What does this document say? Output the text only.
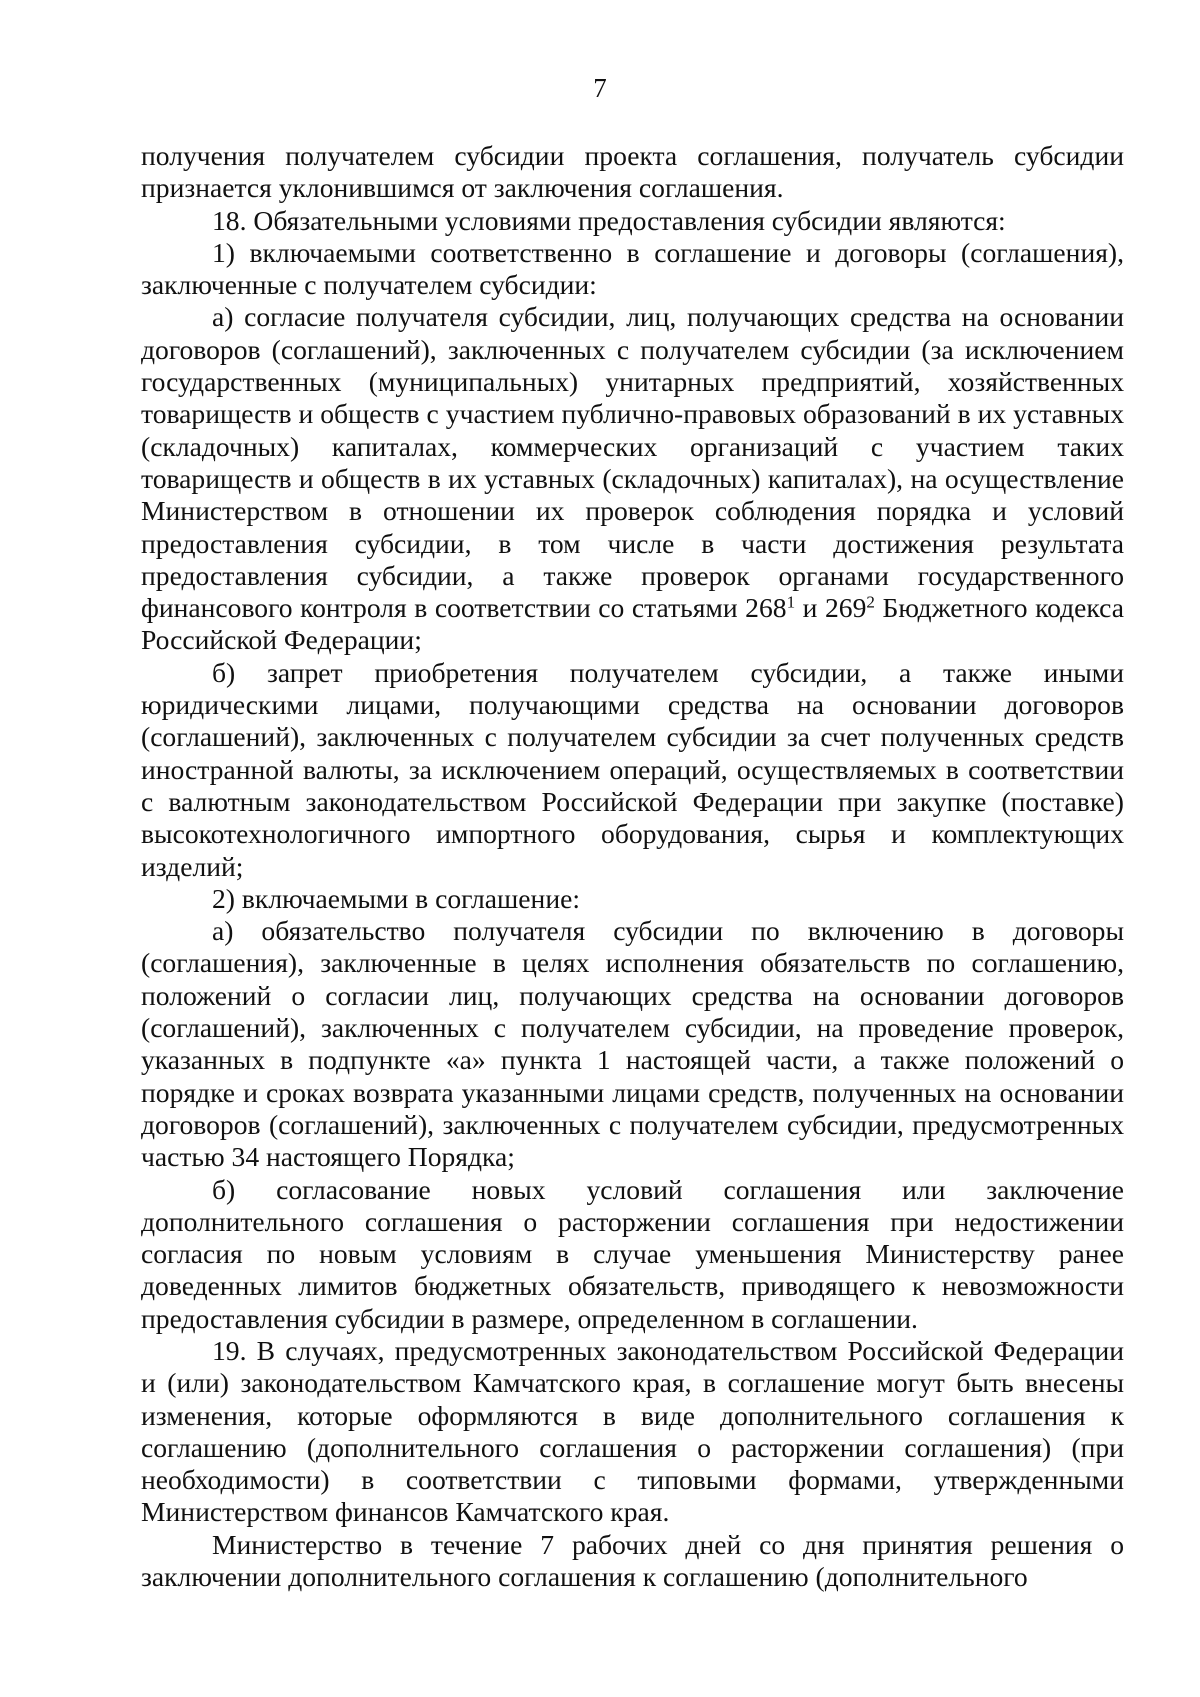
7

получения получателем субсидии проекта соглашения, получатель субсидии признается уклонившимся от заключения соглашения.

18. Обязательными условиями предоставления субсидии являются:

1) включаемыми соответственно в соглашение и договоры (соглашения), заключенные с получателем субсидии:

а) согласие получателя субсидии, лиц, получающих средства на основании договоров (соглашений), заключенных с получателем субсидии (за исключением государственных (муниципальных) унитарных предприятий, хозяйственных товариществ и обществ с участием публично-правовых образований в их уставных (складочных) капиталах, коммерческих организаций с участием таких товариществ и обществ в их уставных (складочных) капиталах), на осуществление Министерством в отношении их проверок соблюдения порядка и условий предоставления субсидии, в том числе в части достижения результата предоставления субсидии, а также проверок органами государственного финансового контроля в соответствии со статьями $268^1$ и $269^2$ Бюджетного кодекса Российской Федерации;

б) запрет приобретения получателем субсидии, а также иными юридическими лицами, получающими средства на основании договоров (соглашений), заключенных с получателем субсидии за счет полученных средств иностранной валюты, за исключением операций, осуществляемых в соответствии с валютным законодательством Российской Федерации при закупке (поставке) высокотехнологичного импортного оборудования, сырья и комплектующих изделий;

2) включаемыми в соглашение:

а) обязательство получателя субсидии по включению в договоры (соглашения), заключенные в целях исполнения обязательств по соглашению, положений о согласии лиц, получающих средства на основании договоров (соглашений), заключенных с получателем субсидии, на проведение проверок, указанных в подпункте «а» пункта 1 настоящей части, а также положений о порядке и сроках возврата указанными лицами средств, полученных на основании договоров (соглашений), заключенных с получателем субсидии, предусмотренных частью 34 настоящего Порядка;

б) согласование новых условий соглашения или заключение дополнительного соглашения о расторжении соглашения при недостижении согласия по новым условиям в случае уменьшения Министерству ранее доведенных лимитов бюджетных обязательств, приводящего к невозможности предоставления субсидии в размере, определенном в соглашении.

19. В случаях, предусмотренных законодательством Российской Федерации и (или) законодательством Камчатского края, в соглашение могут быть внесены изменения, которые оформляются в виде дополнительного соглашения к соглашению (дополнительного соглашения о расторжении соглашения) (при необходимости) в соответствии с типовыми формами, утвержденными Министерством финансов Камчатского края.

Министерство в течение 7 рабочих дней со дня принятия решения о заключении дополнительного соглашения к соглашению (дополнительного
